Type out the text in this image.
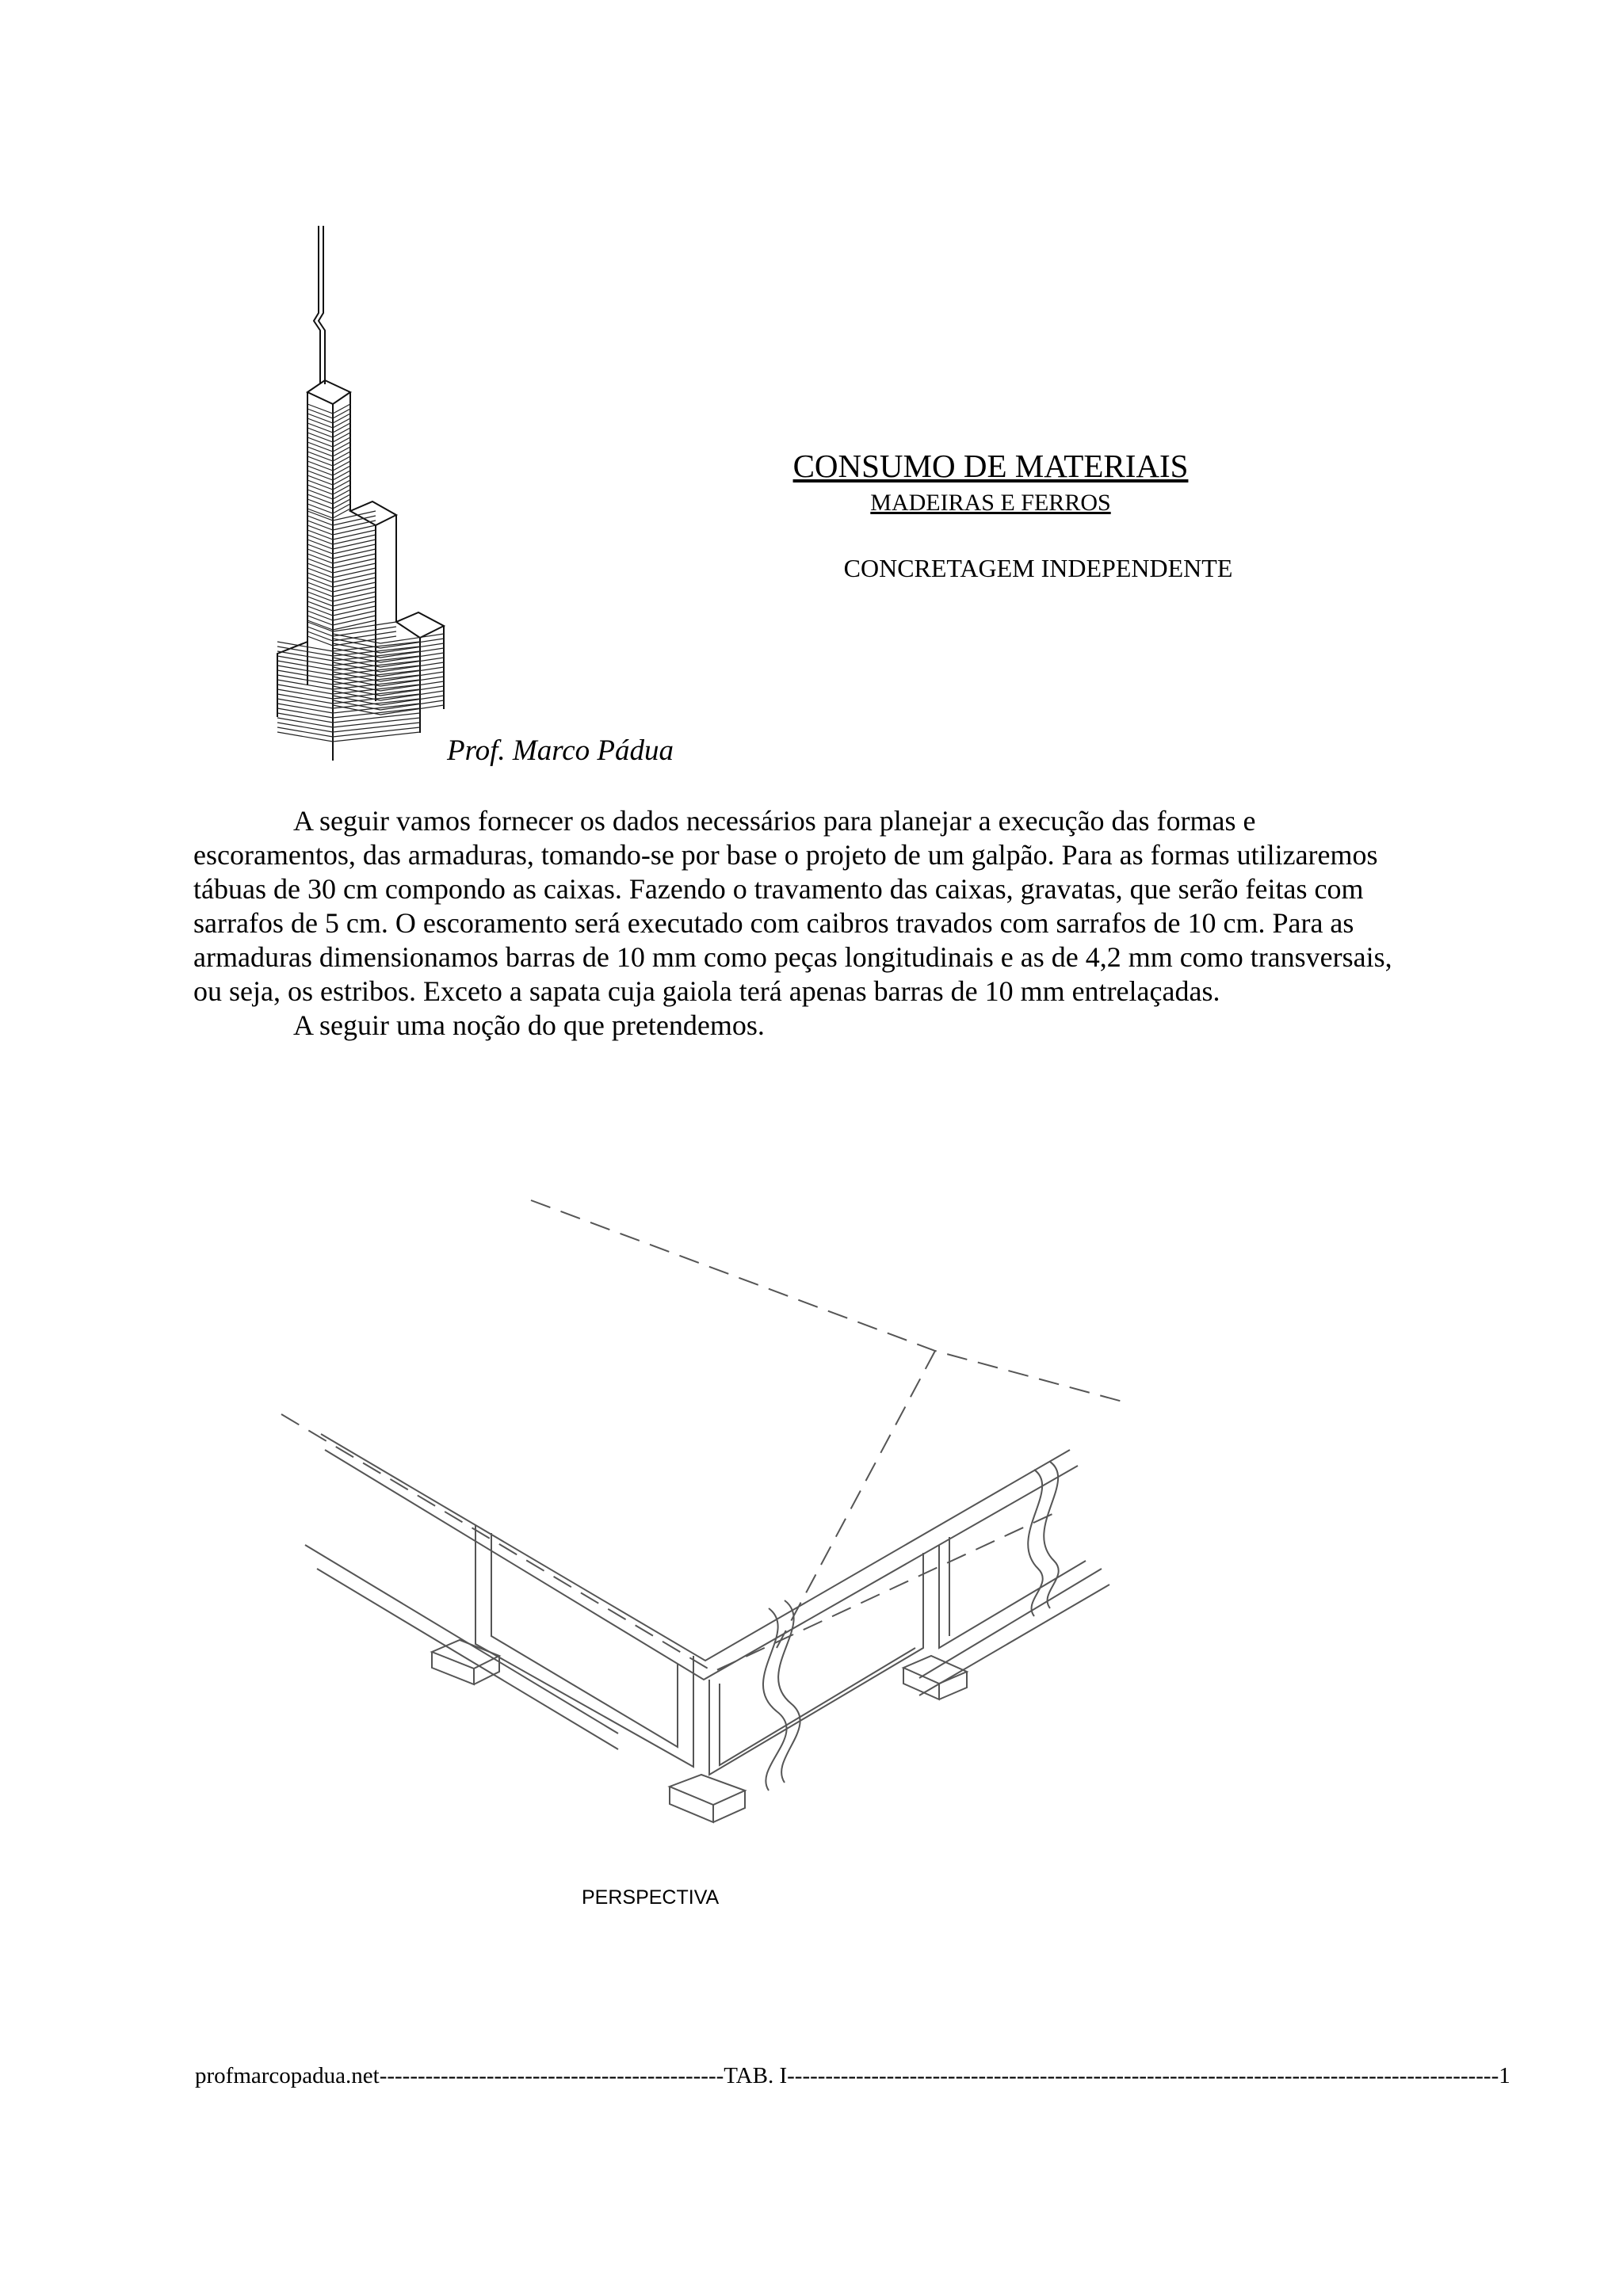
CONSUMO DE MATERIAIS
MADEIRAS E FERROS
CONCRETAGEM INDEPENDENTE
Prof. Marco Pádua

A seguir vamos fornecer os dados necessários para planejar a execução das formas e escoramentos, das armaduras, tomando-se por base o projeto de um galpão. Para as formas utilizaremos tábuas de 30 cm compondo as caixas. Fazendo o travamento das caixas, gravatas, que serão feitas com sarrafos de 5 cm. O escoramento será executado com caibros travados com sarrafos de 10 cm. Para as armaduras dimensionamos barras de 10 mm como peças longitudinais e as de 4,2 mm como transversais, ou seja, os estribos. Exceto a sapata cuja gaiola terá apenas barras de 10 mm entrelaçadas.

A seguir uma noção do que pretendemos.

PERSPECTIVA
profmarcopadua.net --------------------------------------------- TAB. I --------------------------------------------------------------------------------------------- 1
